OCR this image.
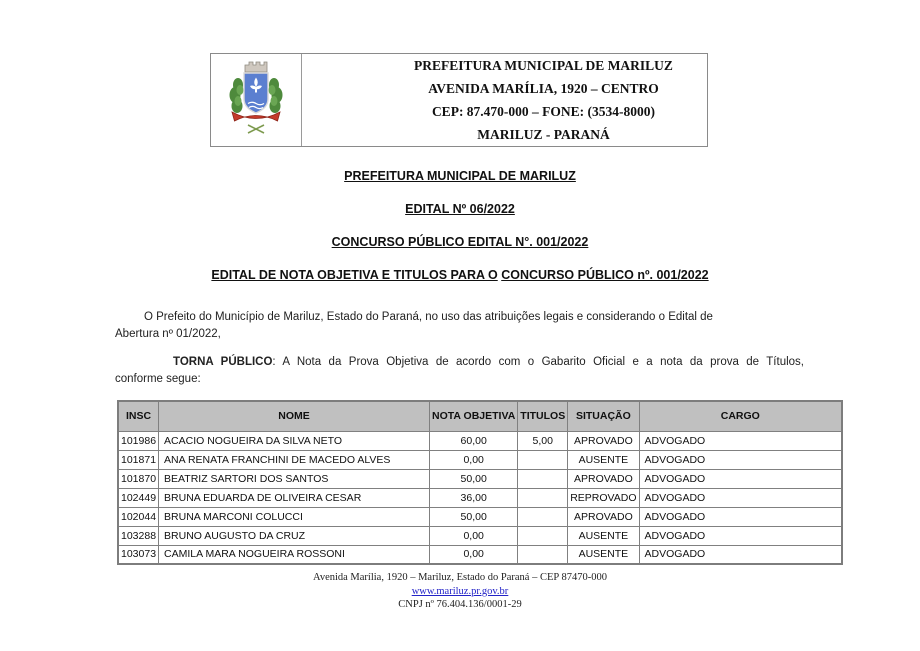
PREFEITURA MUNICIPAL DE MARILUZ
AVENIDA MARÍLIA, 1920 – CENTRO
CEP: 87.470-000 – FONE: (3534-8000)
MARILUZ - PARANÁ
PREFEITURA MUNICIPAL DE MARILUZ
EDITAL Nº 06/2022
CONCURSO PÚBLICO EDITAL N°. 001/2022
EDITAL DE NOTA OBJETIVA E TITULOS PARA O CONCURSO PÚBLICO nº. 001/2022
O Prefeito do Município de Mariluz, Estado do Paraná, no uso das atribuições legais e considerando o Edital de
Abertura nº 01/2022,
TORNA PÚBLICO: A Nota da Prova Objetiva de acordo com o Gabarito Oficial e a nota da prova de Títulos,
conforme segue:
INSC	NOME	NOTA OBJETIVA	TITULOS	SITUAÇÃO	CARGO
101986	ACACIO NOGUEIRA DA SILVA NETO	60,00	5,00	APROVADO	ADVOGADO
101871	ANA RENATA FRANCHINI DE MACEDO ALVES	0,00		AUSENTE	ADVOGADO
101870	BEATRIZ SARTORI DOS SANTOS	50,00		APROVADO	ADVOGADO
102449	BRUNA EDUARDA DE OLIVEIRA CESAR	36,00		REPROVADO	ADVOGADO
102044	BRUNA MARCONI COLUCCI	50,00		APROVADO	ADVOGADO
103288	BRUNO AUGUSTO DA CRUZ	0,00		AUSENTE	ADVOGADO
103073	CAMILA MARA NOGUEIRA ROSSONI	0,00		AUSENTE	ADVOGADO
Avenida Marília, 1920 – Mariluz, Estado do Paraná – CEP 87470-000
www.mariluz.pr.gov.br
CNPJ nº 76.404.136/0001-29
